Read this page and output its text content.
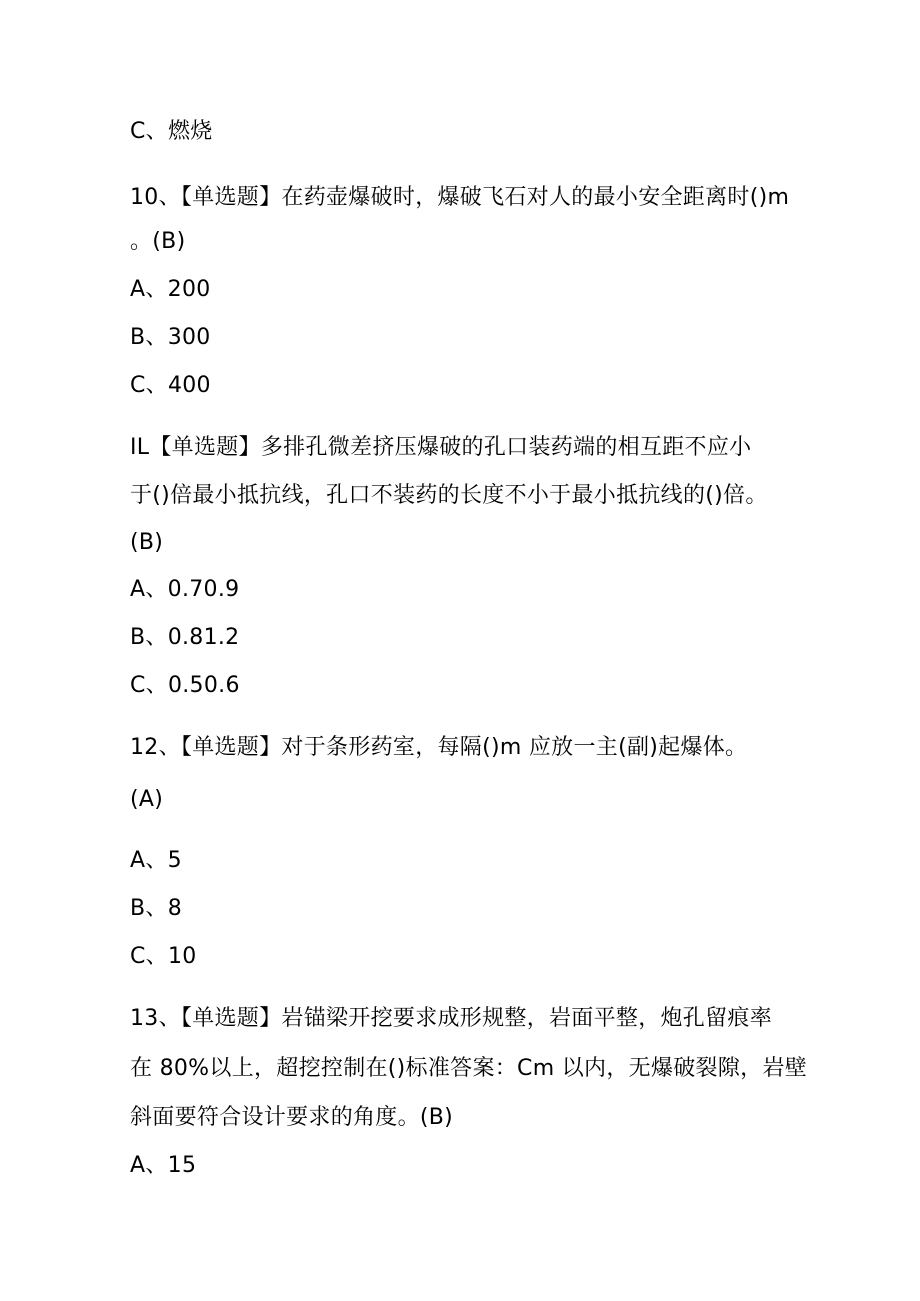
C、燃烧
10、【单选题】在药壶爆破时，爆破飞石对人的最小安全距离时()m
。(B)
A、200
B、300
C、400
IL【单选题】多排孔微差挤压爆破的孔口装药端的相互距不应小
于()倍最小抵抗线，孔口不装药的长度不小于最小抵抗线的()倍。
(B)
A、0.70.9
B、0.81.2
C、0.50.6
12、【单选题】对于条形药室，每隔()m 应放一主(副)起爆体。
(A)
A、5
B、8
C、10
13、【单选题】岩锚梁开挖要求成形规整，岩面平整，炮孔留痕率
在 80%以上，超挖控制在()标准答案：Cm 以内，无爆破裂隙，岩壁
斜面要符合设计要求的角度。(B)
A、15
